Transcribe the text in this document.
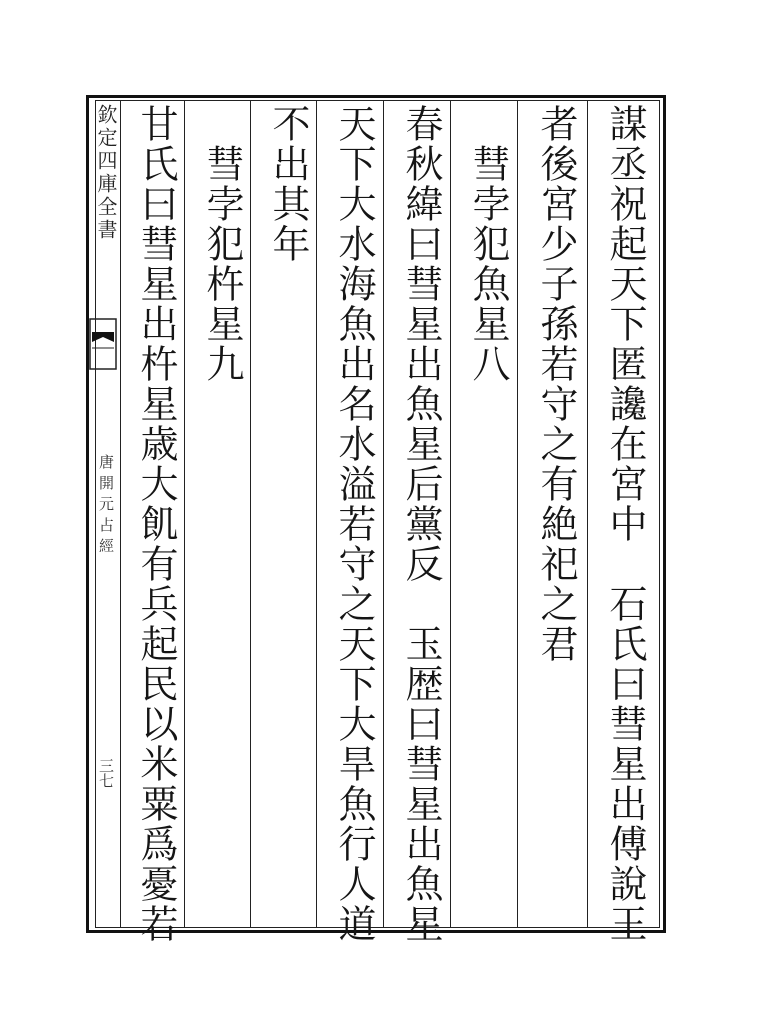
欽定四庫全書
唐開元占經
三七	謀丞祝起天下匿讒在宮中　石氏曰彗星出傅說王
者後宮少子孫若守之有絶祀之君
　彗孛犯魚星八
春秋緯曰彗星出魚星后黨反　玉歴曰彗星出魚星
天下大水海魚出名水溢若守之天下大旱魚行人道
不出其年
　彗孛犯杵星九
甘氏曰彗星出杵星歳大飢有兵起民以米粟爲憂若
